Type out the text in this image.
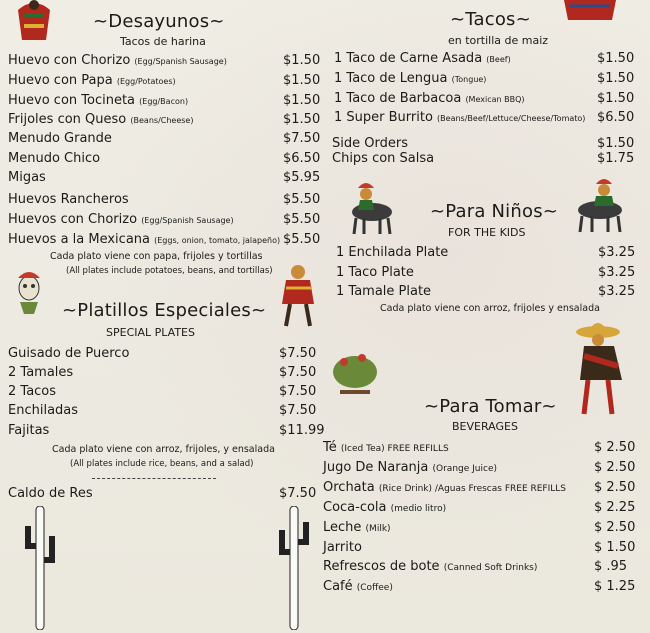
~Desayunos~
Tacos de harina
Huevo con Chorizo (Egg/Spanish Sausage)	$1.50
Huevo con Papa (Egg/Potatoes)	$1.50
Huevo con Tocineta (Egg/Bacon)	$1.50
Frijoles con Queso (Beans/Cheese)	$1.50
Menudo Grande	$7.50
Menudo Chico	$6.50
Migas	$5.95
Huevos Rancheros	$5.50
Huevos con Chorizo (Egg/Spanish Sausage)	$5.50
Huevos a la Mexicana (Eggs, onion, tomato, jalapeño) $5.50
Cada plato viene con papa, frijoles y tortillas
(All plates include potatoes, beans, and tortillas)
~Platillos Especiales~
SPECIAL PLATES
Guisado de Puerco	$7.50
2 Tamales	$7.50
2 Tacos	$7.50
Enchiladas	$7.50
Fajitas	$11.99
Cada plato viene con arroz, frijoles, y ensalada
(All plates include rice, beans, and a salad)
Caldo de Res	$7.50
~Tacos~
en tortilla de maiz
1 Taco de Carne Asada (Beef)	$1.50
1 Taco de Lengua (Tongue)	$1.50
1 Taco de Barbacoa (Mexican BBQ)	$1.50
1 Super Burrito (Beans/Beef/Lettuce/Cheese/Tomato) $6.50
Side Orders	$1.50
Chips con Salsa	$1.75
~Para Niños~
FOR THE KIDS
1 Enchilada Plate	$3.25
1 Taco Plate	$3.25
1 Tamale Plate	$3.25
Cada plato viene con arroz, frijoles y ensalada
~Para Tomar~
BEVERAGES
Té (Iced Tea) FREE REFILLS	$ 2.50
Jugo De Naranja (Orange Juice)	$ 2.50
Orchata (Rice Drink) /Aguas Frescas FREE REFILLS $ 2.50
Coca-cola (medio litro)	$ 2.25
Leche (Milk)	$ 2.50
Jarrito	$ 1.50
Refrescos de bote (Canned Soft Drinks)	$ .95
Café (Coffee)	$ 1.25
